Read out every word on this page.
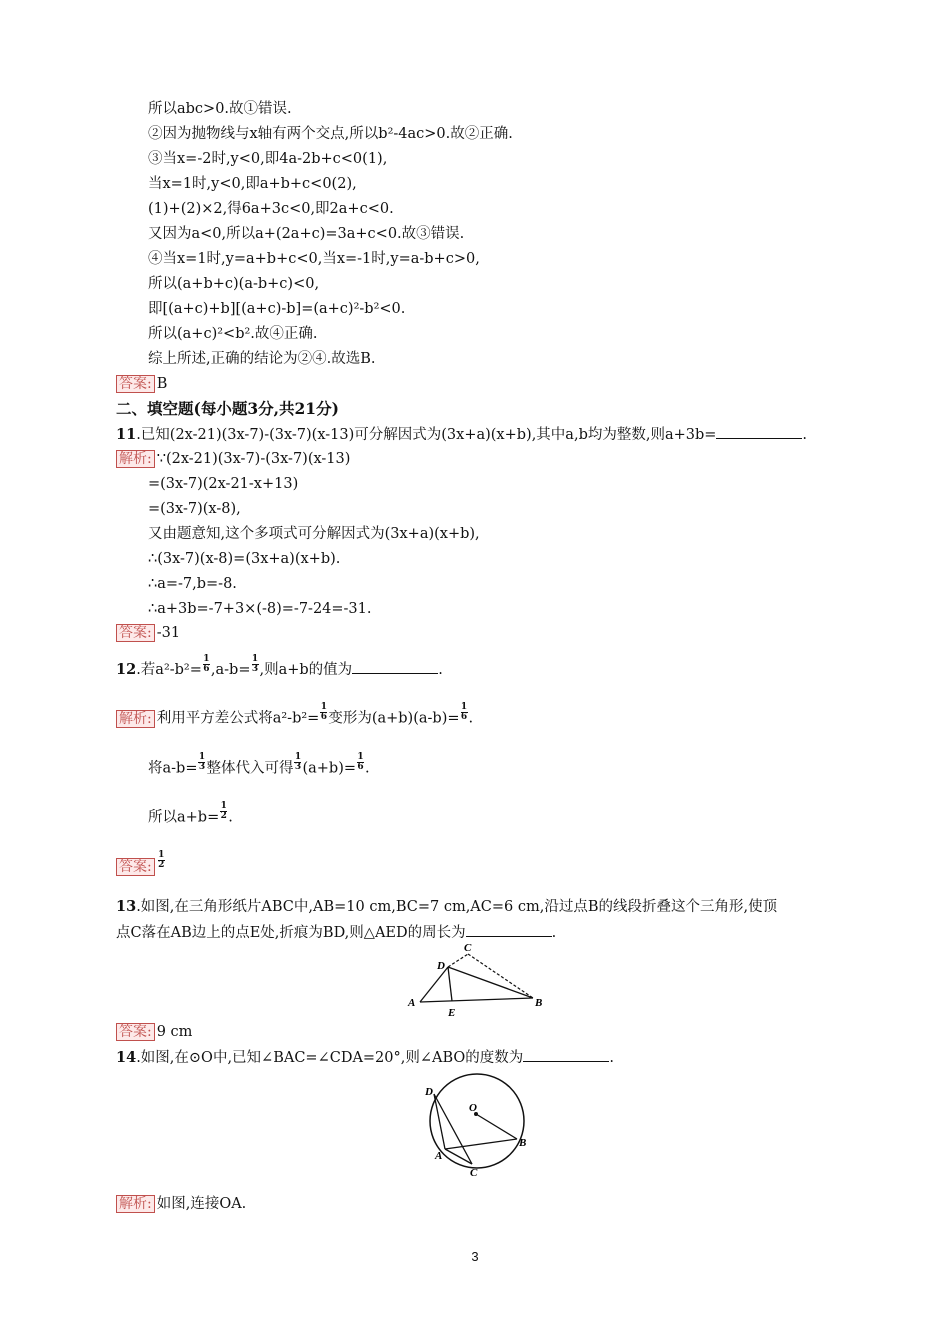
所以abc>0.故①错误.
②因为抛物线与x轴有两个交点,所以b²-4ac>0.故②正确.
③当x=-2时,y<0,即4a-2b+c<0(1),
当x=1时,y<0,即a+b+c<0(2),
(1)+(2)×2,得6a+3c<0,即2a+c<0.
又因为a<0,所以a+(2a+c)=3a+c<0.故③错误.
④当x=1时,y=a+b+c<0,当x=-1时,y=a-b+c>0,
所以(a+b+c)(a-b+c)<0,
即[(a+c)+b][(a+c)-b]=(a+c)²-b²<0.
所以(a+c)²<b².故④正确.
综上所述,正确的结论为②④.故选B.
答案: B
二、填空题(每小题3分,共21分)
11.已知(2x-21)(3x-7)-(3x-7)(x-13)可分解因式为(3x+a)(x+b),其中a,b均为整数,则a+3b=	.
解析: ∵(2x-21)(3x-7)-(3x-7)(x-13)
=(3x-7)(2x-21-x+13)
=(3x-7)(x-8),
又由题意知,这个多项式可分解因式为(3x+a)(x+b),
∴(3x-7)(x-8)=(3x+a)(x+b).
∴a=-7,b=-8.
∴a+3b=-7+3×(-8)=-7-24=-31.
答案: -31
12.若$a^2-b^2= \frac{1}{6} ,a-b= \frac{1}{3}$ ,则a+b的值为	.
解析: 利用平方差公式将$a^2-b^2= \frac{1}{6}$ 变形为$(a+b)(a-b)= \frac{1}{6}$ .
将$a-b= \frac{1}{3}$ 整体代入可得 $\frac{1}{3} (a+b)= \frac{1}{6}$ .
所以$a+b= \frac{1}{2}$ .
答案: $\frac{1}{2}$
13.如图,在三角形纸片ABC中,AB=10 cm,BC=7 cm,AC=6 cm,沿过点B的线段折叠这个三角形,使顶
点C落在AB边上的点E处,折痕为BD,则△AED的周长为	.
A	B
C
D
E
答案: 9 cm
14.如图,在⊙O中,已知∠BAC=∠CDA=20°,则∠ABO的度数为	.
O
D
A
B
C
解析: 如图,连接OA.
3
